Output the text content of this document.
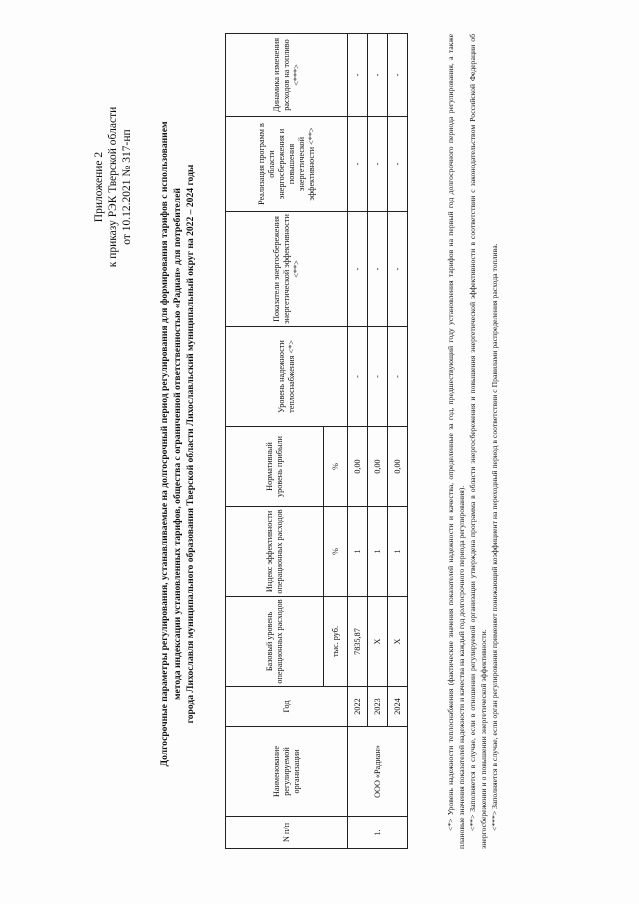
Приложение 2 к приказу РЭК Тверской области от 10.12.2021 № 317-нп	Долгосрочные параметры регулирования, устанавливаемые на долгосрочный период регулирования для формирования тарифов с использованием метода индексации установленных тарифов, общества с ограниченной ответственностью «Радиан» для потребителей города Лихославля муниципального образования Тверской области Лихославльский муниципальный округ на 2022 – 2024 годы
N п/п	Наименование регулируемой организации	Год	Базовый уровень операционных расходов	Индекс эффективности операционных расходов	Нормативный уровень прибыли	Уровень надежности теплоснабжения <*>	Показатели энергосбережения энергетической эффективности <**>	Реализация программ в области энергосбережения и повышения энергетической эффективности <**>	Динамика изменения расходов на топливо <***>
			тыс. руб.	%	%				
1.	ООО «Радиан»	2022	7835,87	1	0,00	-	-	-	-
		2023	X	1	0,00	-	-	-	-
		2024	X	1	0,00	-	-	-	-	<*> Уровень надежности теплоснабжения (фактические значения показателей надежности и качества, определенные за год, предшествующий году установления тарифов на первый год долгосрочного периода регулирования, а также плановые значения показателей надежности и качества на каждый год долгосрочного периода регулирования). <**> Заполняется в случае, если в отношении регулируемой организации утверждена программа в области энергосбережения и повышения энергетической эффективности в соответствии с законодательством Российской Федерации об энергосбережении и о повышении энергетической эффективности. <***> Заполняется в случае, если орган регулирования применяет понижающий коэффициент на переходный период в соответствии с Правилами распределения расхода топлива.
